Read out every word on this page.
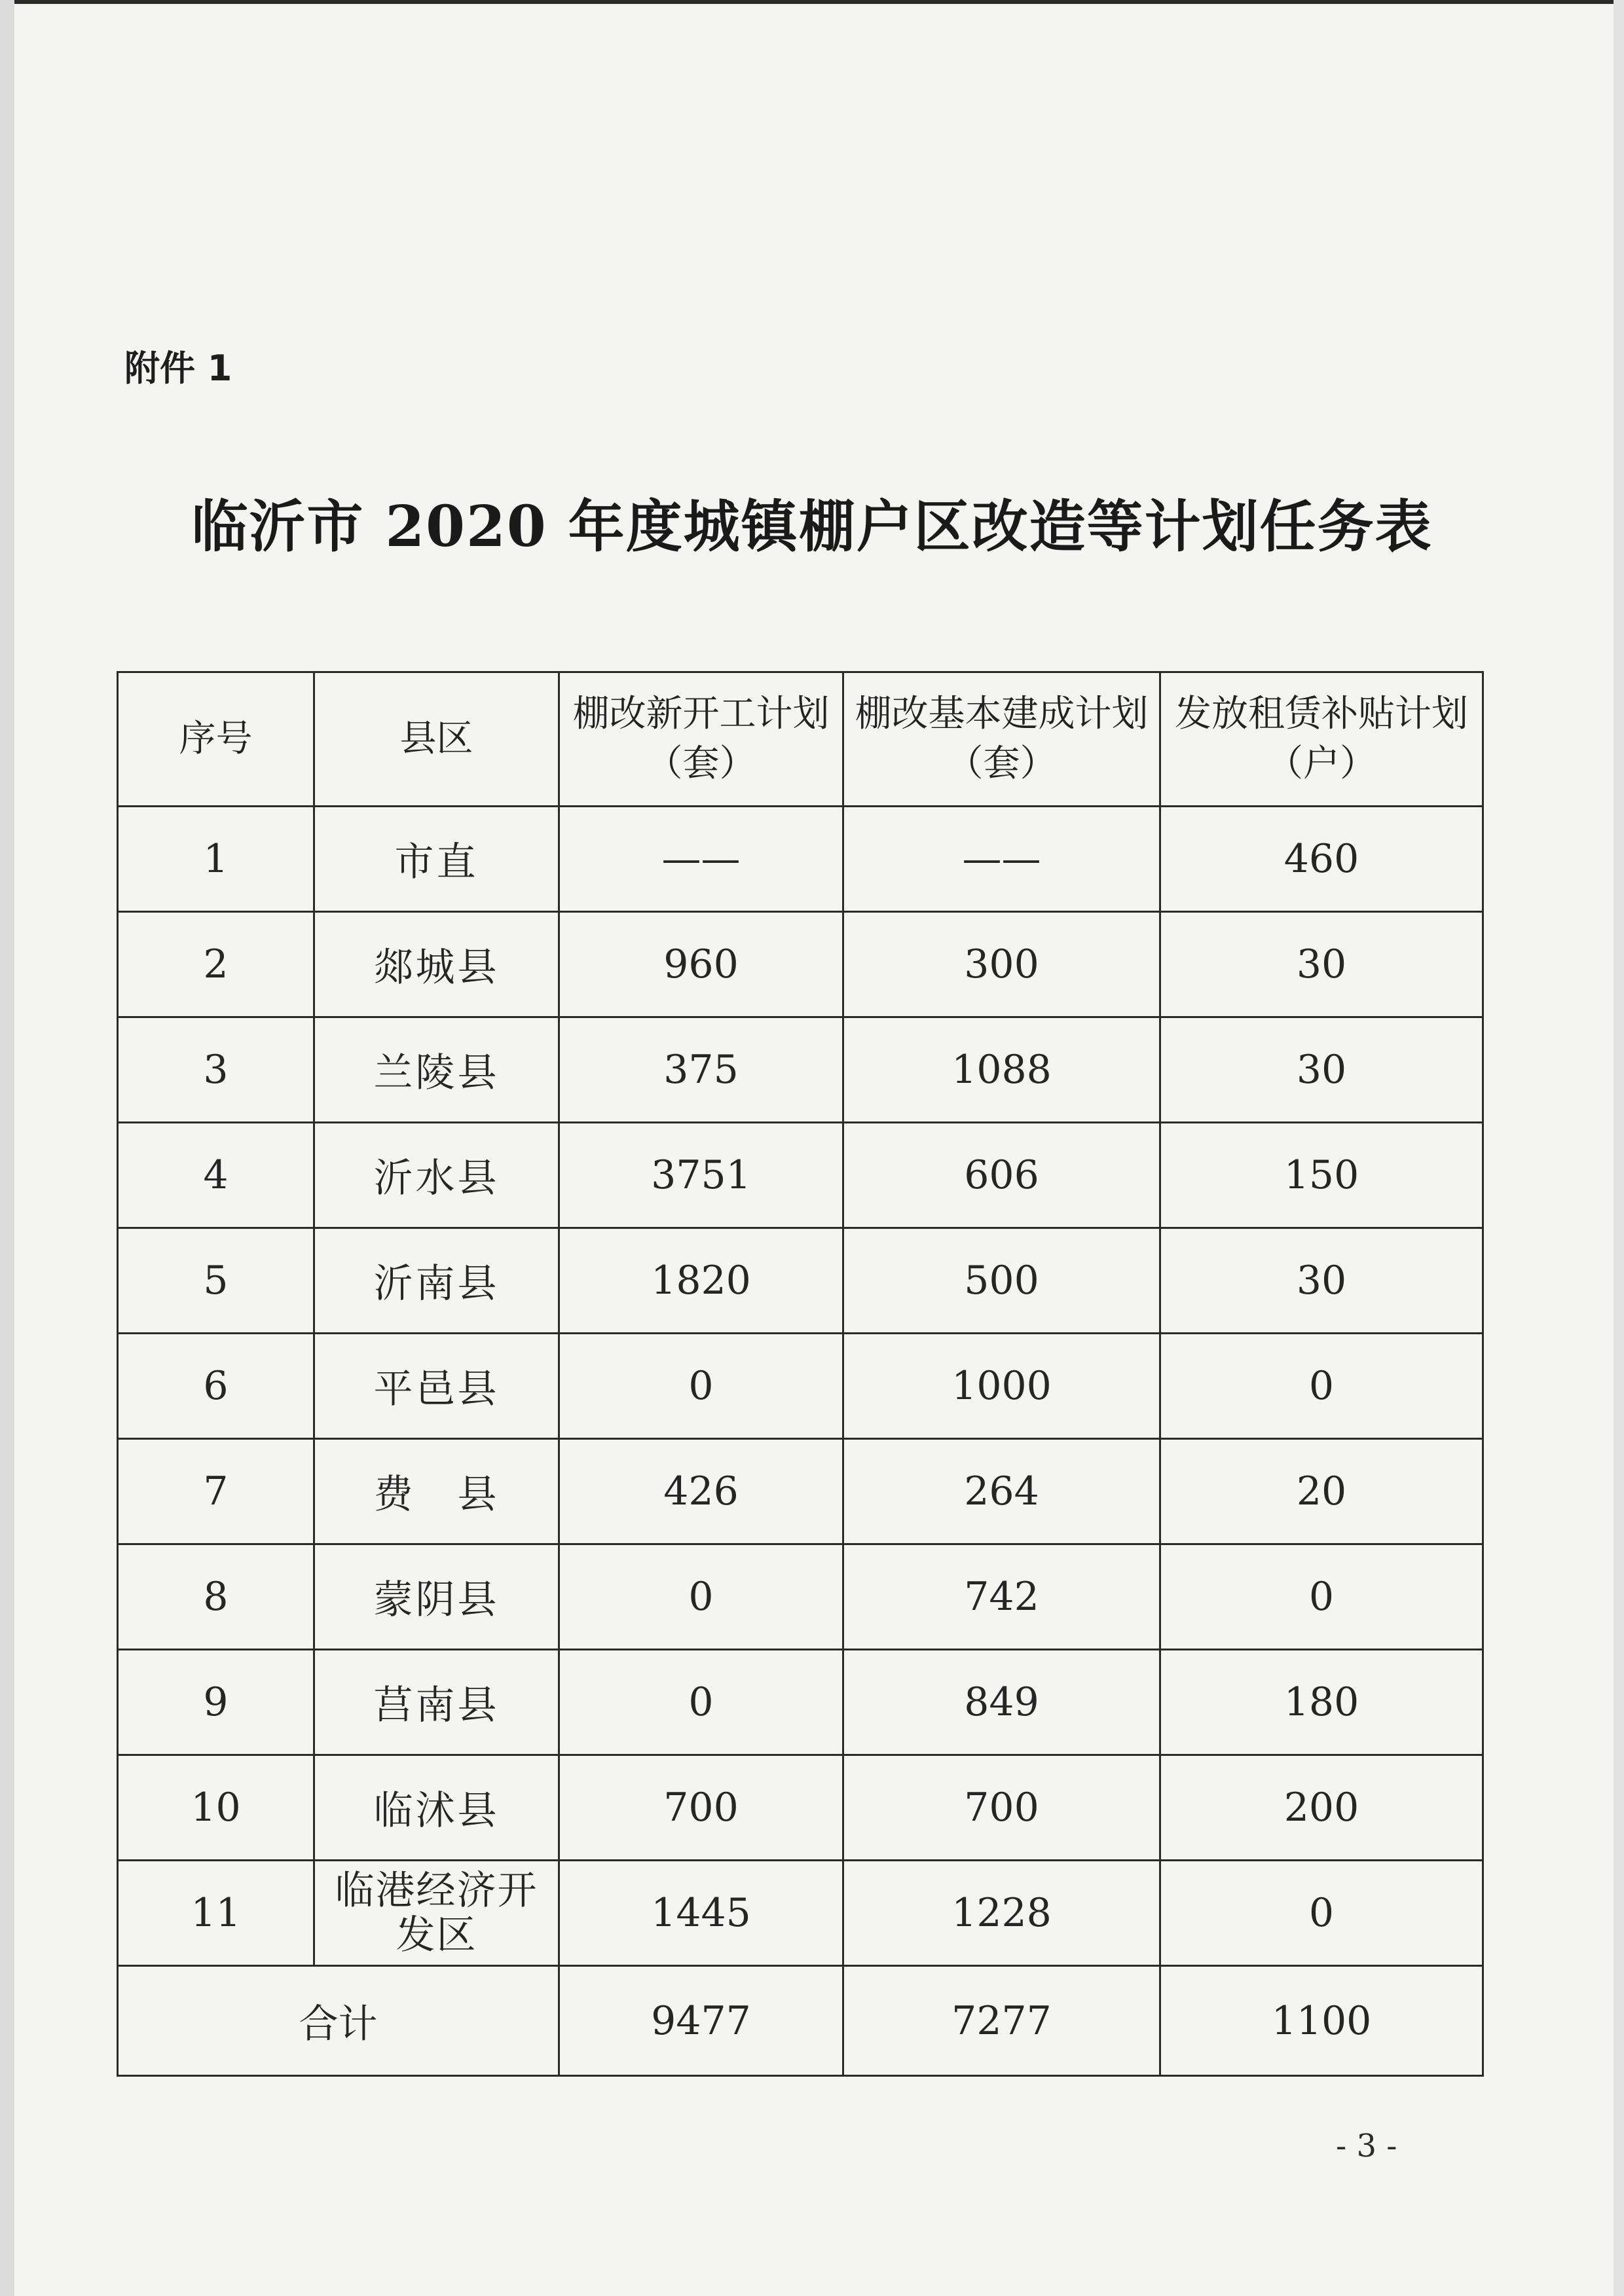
附件 1
临沂市 2020 年度城镇棚户区改造等计划任务表
序号	县区	棚改新开工计划（套）	棚改基本建成计划（套）	发放租赁补贴计划（户）
1	市直	——	——	460
2	郯城县	960	300	30
3	兰陵县	375	1088	30
4	沂水县	3751	606	150
5	沂南县	1820	500	30
6	平邑县	0	1000	0
7	费　县	426	264	20
8	蒙阴县	0	742	0
9	莒南县	0	849	180
10	临沭县	700	700	200
11	临港经济开发区	1445	1228	0
合计		9477	7277	1100
- 3 -
